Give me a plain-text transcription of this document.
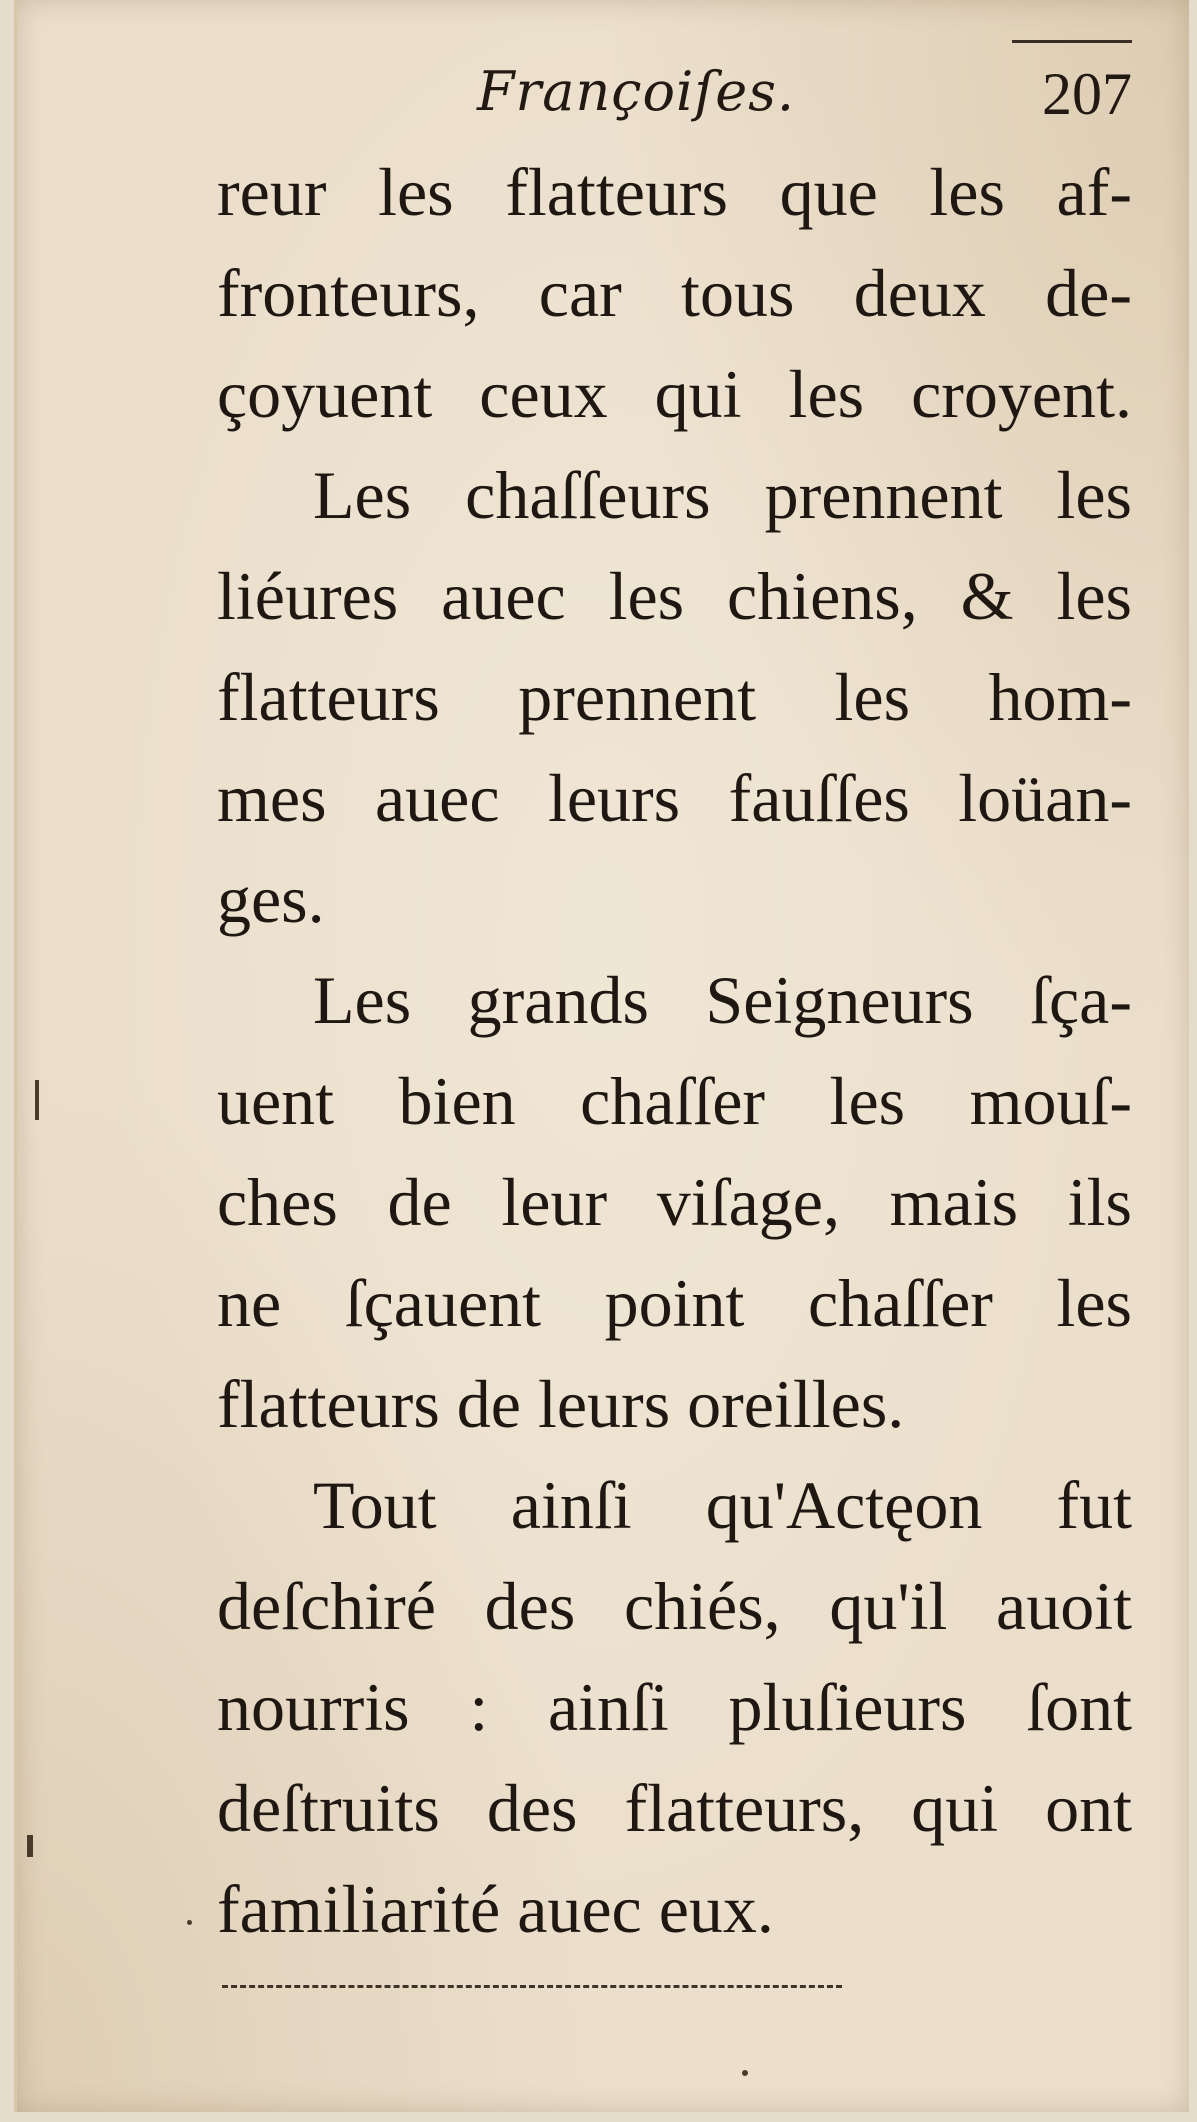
Françoiſes.	207
reur les flatteurs que les af-
fronteurs, car tous deux de-
çoyuent ceux qui les croyent.
Les chaſſeurs prennent les
liéures auec les chiens, & les
flatteurs prennent les hom-
mes auec leurs fauſſes loüan-
ges.
Les grands Seigneurs ſça-
uent bien chaſſer les mouſ-
ches de leur viſage, mais ils
ne ſçauent point chaſſer les
flatteurs de leurs oreilles.
Tout ainſi qu'Actęon fut
deſchiré des chiés, qu'il auoit
nourris : ainſi pluſieurs ſont
deſtruits des flatteurs, qui ont
familiarité auec eux.
